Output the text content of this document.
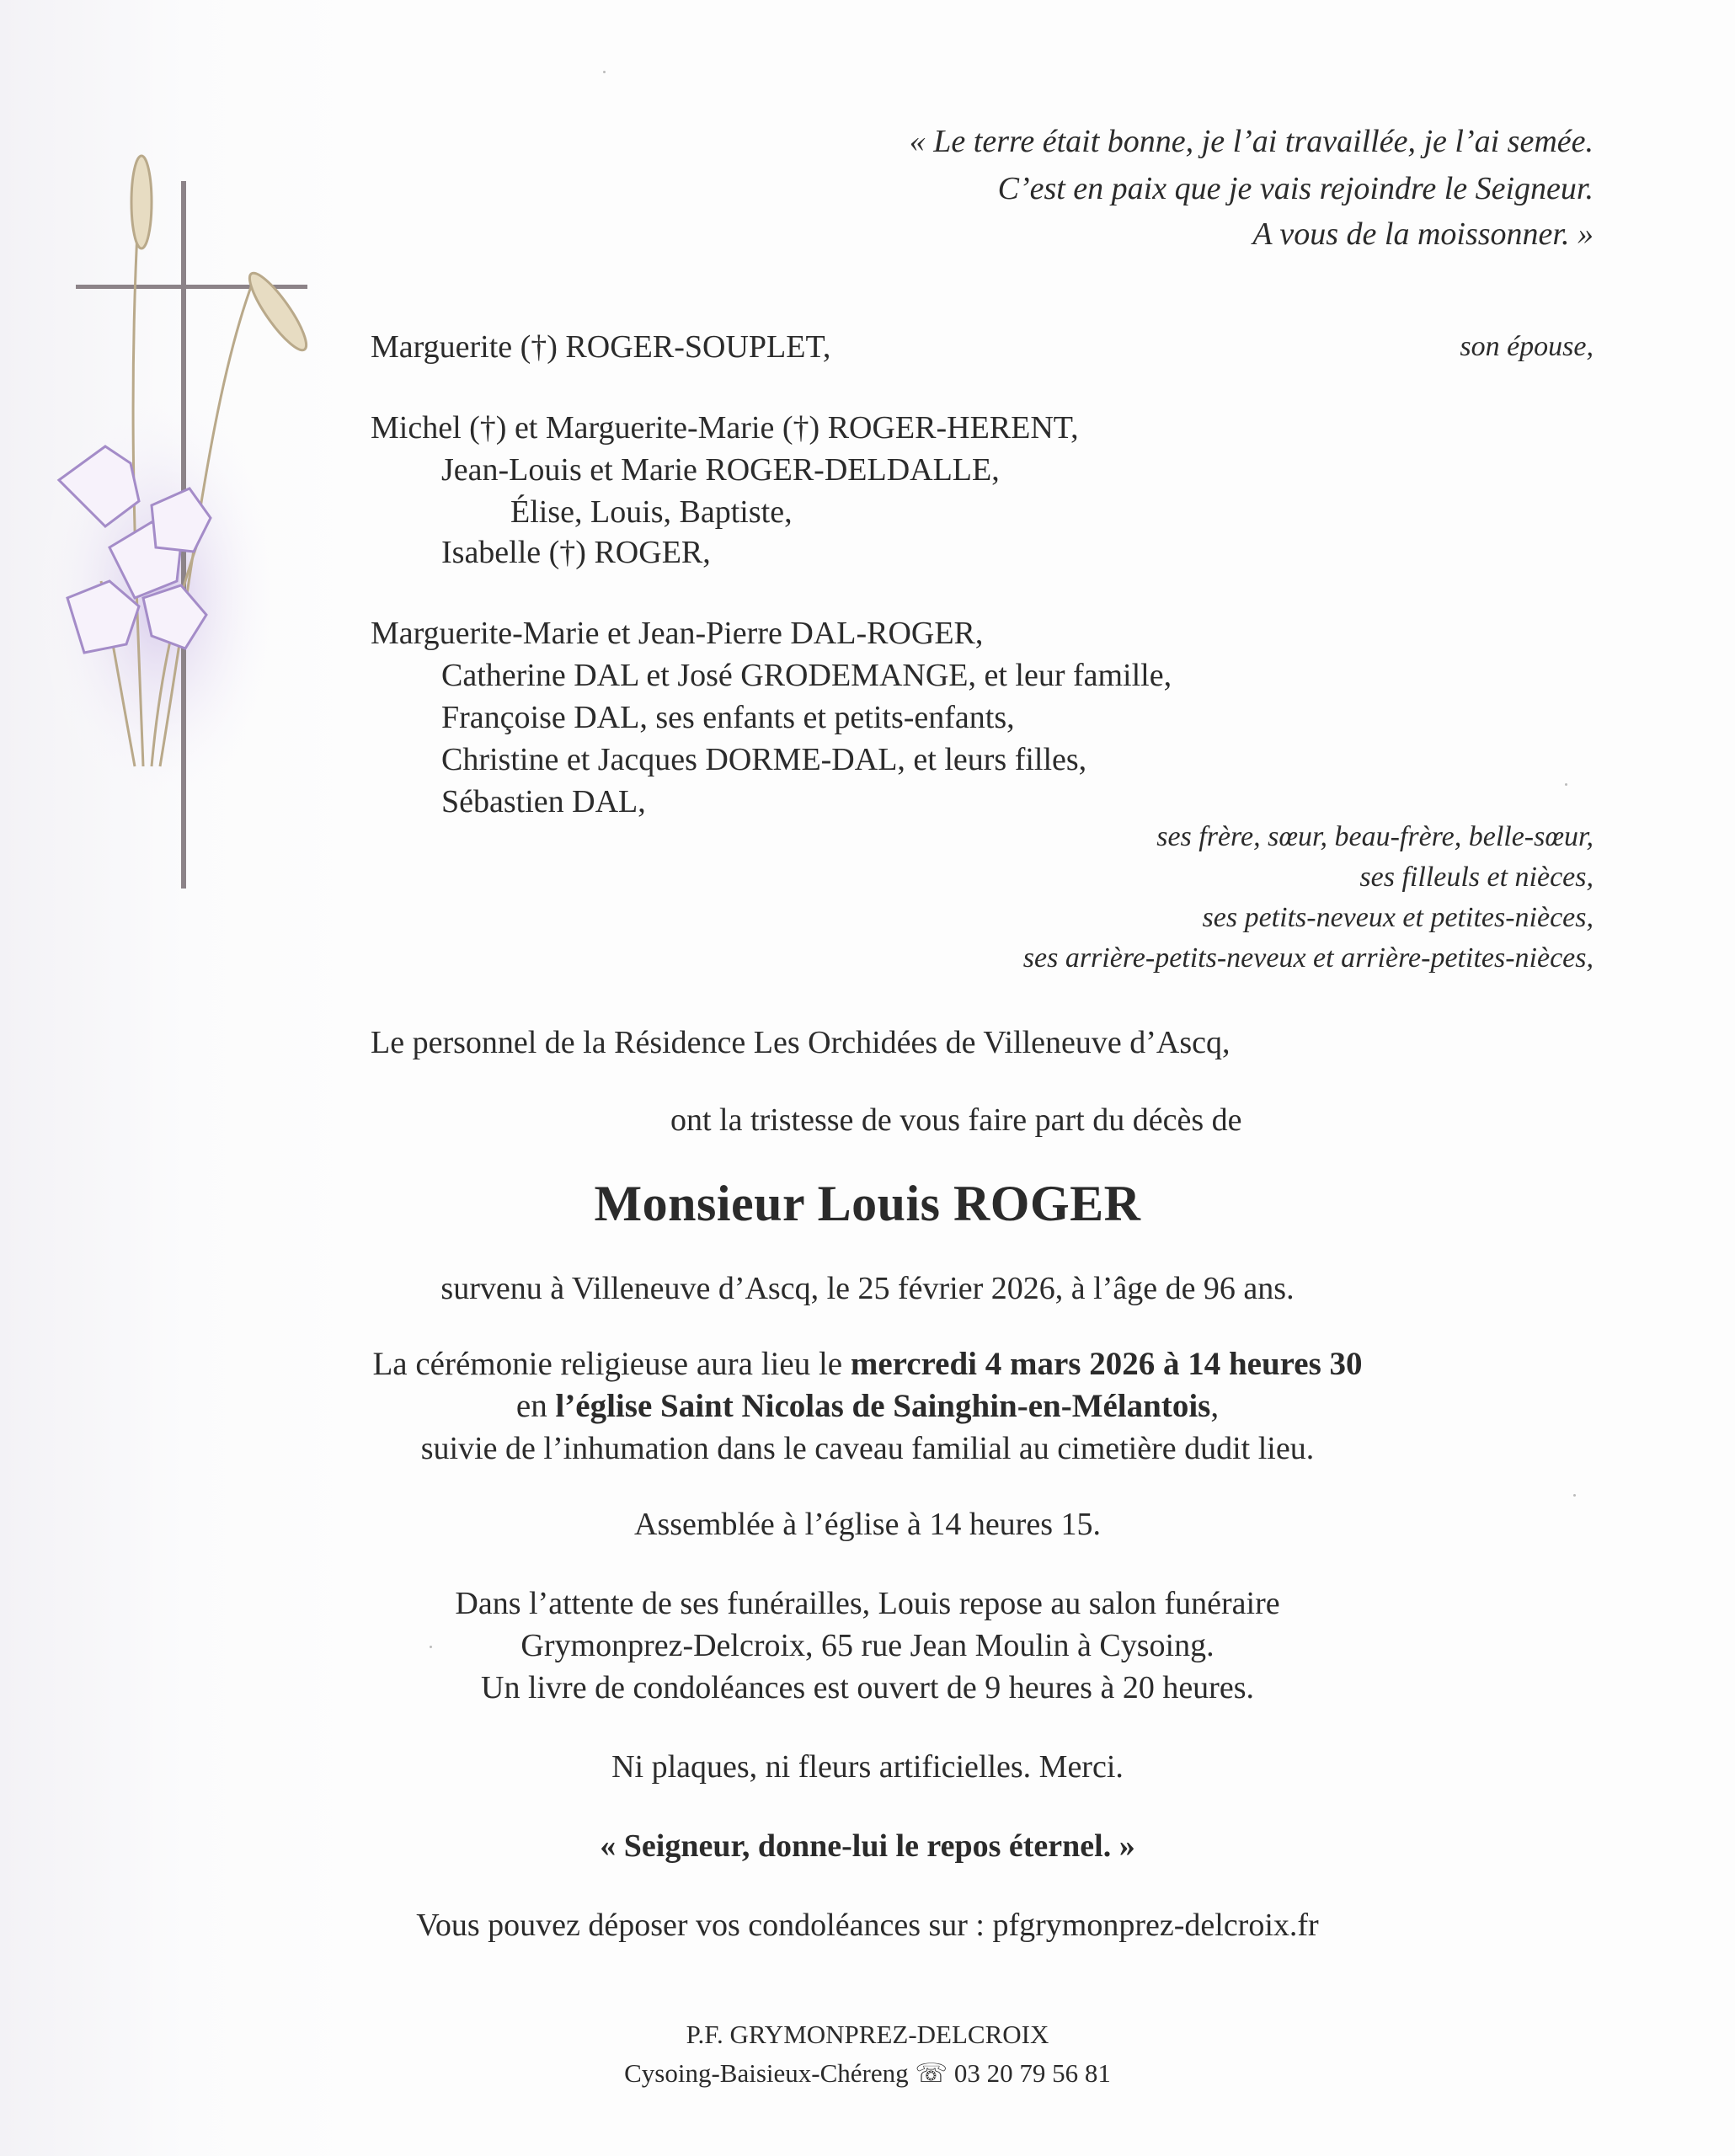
« Le terre était bonne, je l’ai travaillée, je l’ai semée.
C’est en paix que je vais rejoindre le Seigneur.
A vous de la moissonner. »
Marguerite (†) ROGER-SOUPLET,	son épouse,
Michel (†) et Marguerite-Marie (†) ROGER-HERENT,
Jean-Louis et Marie ROGER-DELDALLE,
Élise, Louis, Baptiste,
Isabelle (†) ROGER,
Marguerite-Marie et Jean-Pierre DAL-ROGER,
Catherine DAL et José GRODEMANGE, et leur famille,
Françoise DAL, ses enfants et petits-enfants,
Christine et Jacques DORME-DAL, et leurs filles,
Sébastien DAL,
ses frère, sœur, beau-frère, belle-sœur,
ses filleuls et nièces,
ses petits-neveux et petites-nièces,
ses arrière-petits-neveux et arrière-petites-nièces,
Le personnel de la Résidence Les Orchidées de Villeneuve d’Ascq,
ont la tristesse de vous faire part du décès de
Monsieur Louis ROGER
survenu à Villeneuve d’Ascq, le 25 février 2026, à l’âge de 96 ans.
La cérémonie religieuse aura lieu le mercredi 4 mars 2026 à 14 heures 30
en l’église Saint Nicolas de Sainghin-en-Mélantois,
suivie de l’inhumation dans le caveau familial au cimetière dudit lieu.
Assemblée à l’église à 14 heures 15.
Dans l’attente de ses funérailles, Louis repose au salon funéraire
Grymonprez-Delcroix, 65 rue Jean Moulin à Cysoing.
Un livre de condoléances est ouvert de 9 heures à 20 heures.
Ni plaques, ni fleurs artificielles. Merci.
« Seigneur, donne-lui le repos éternel. »
Vous pouvez déposer vos condoléances sur : pfgrymonprez-delcroix.fr
P.F. GRYMONPREZ-DELCROIX
Cysoing-Baisieux-Chéreng ☏ 03 20 79 56 81
